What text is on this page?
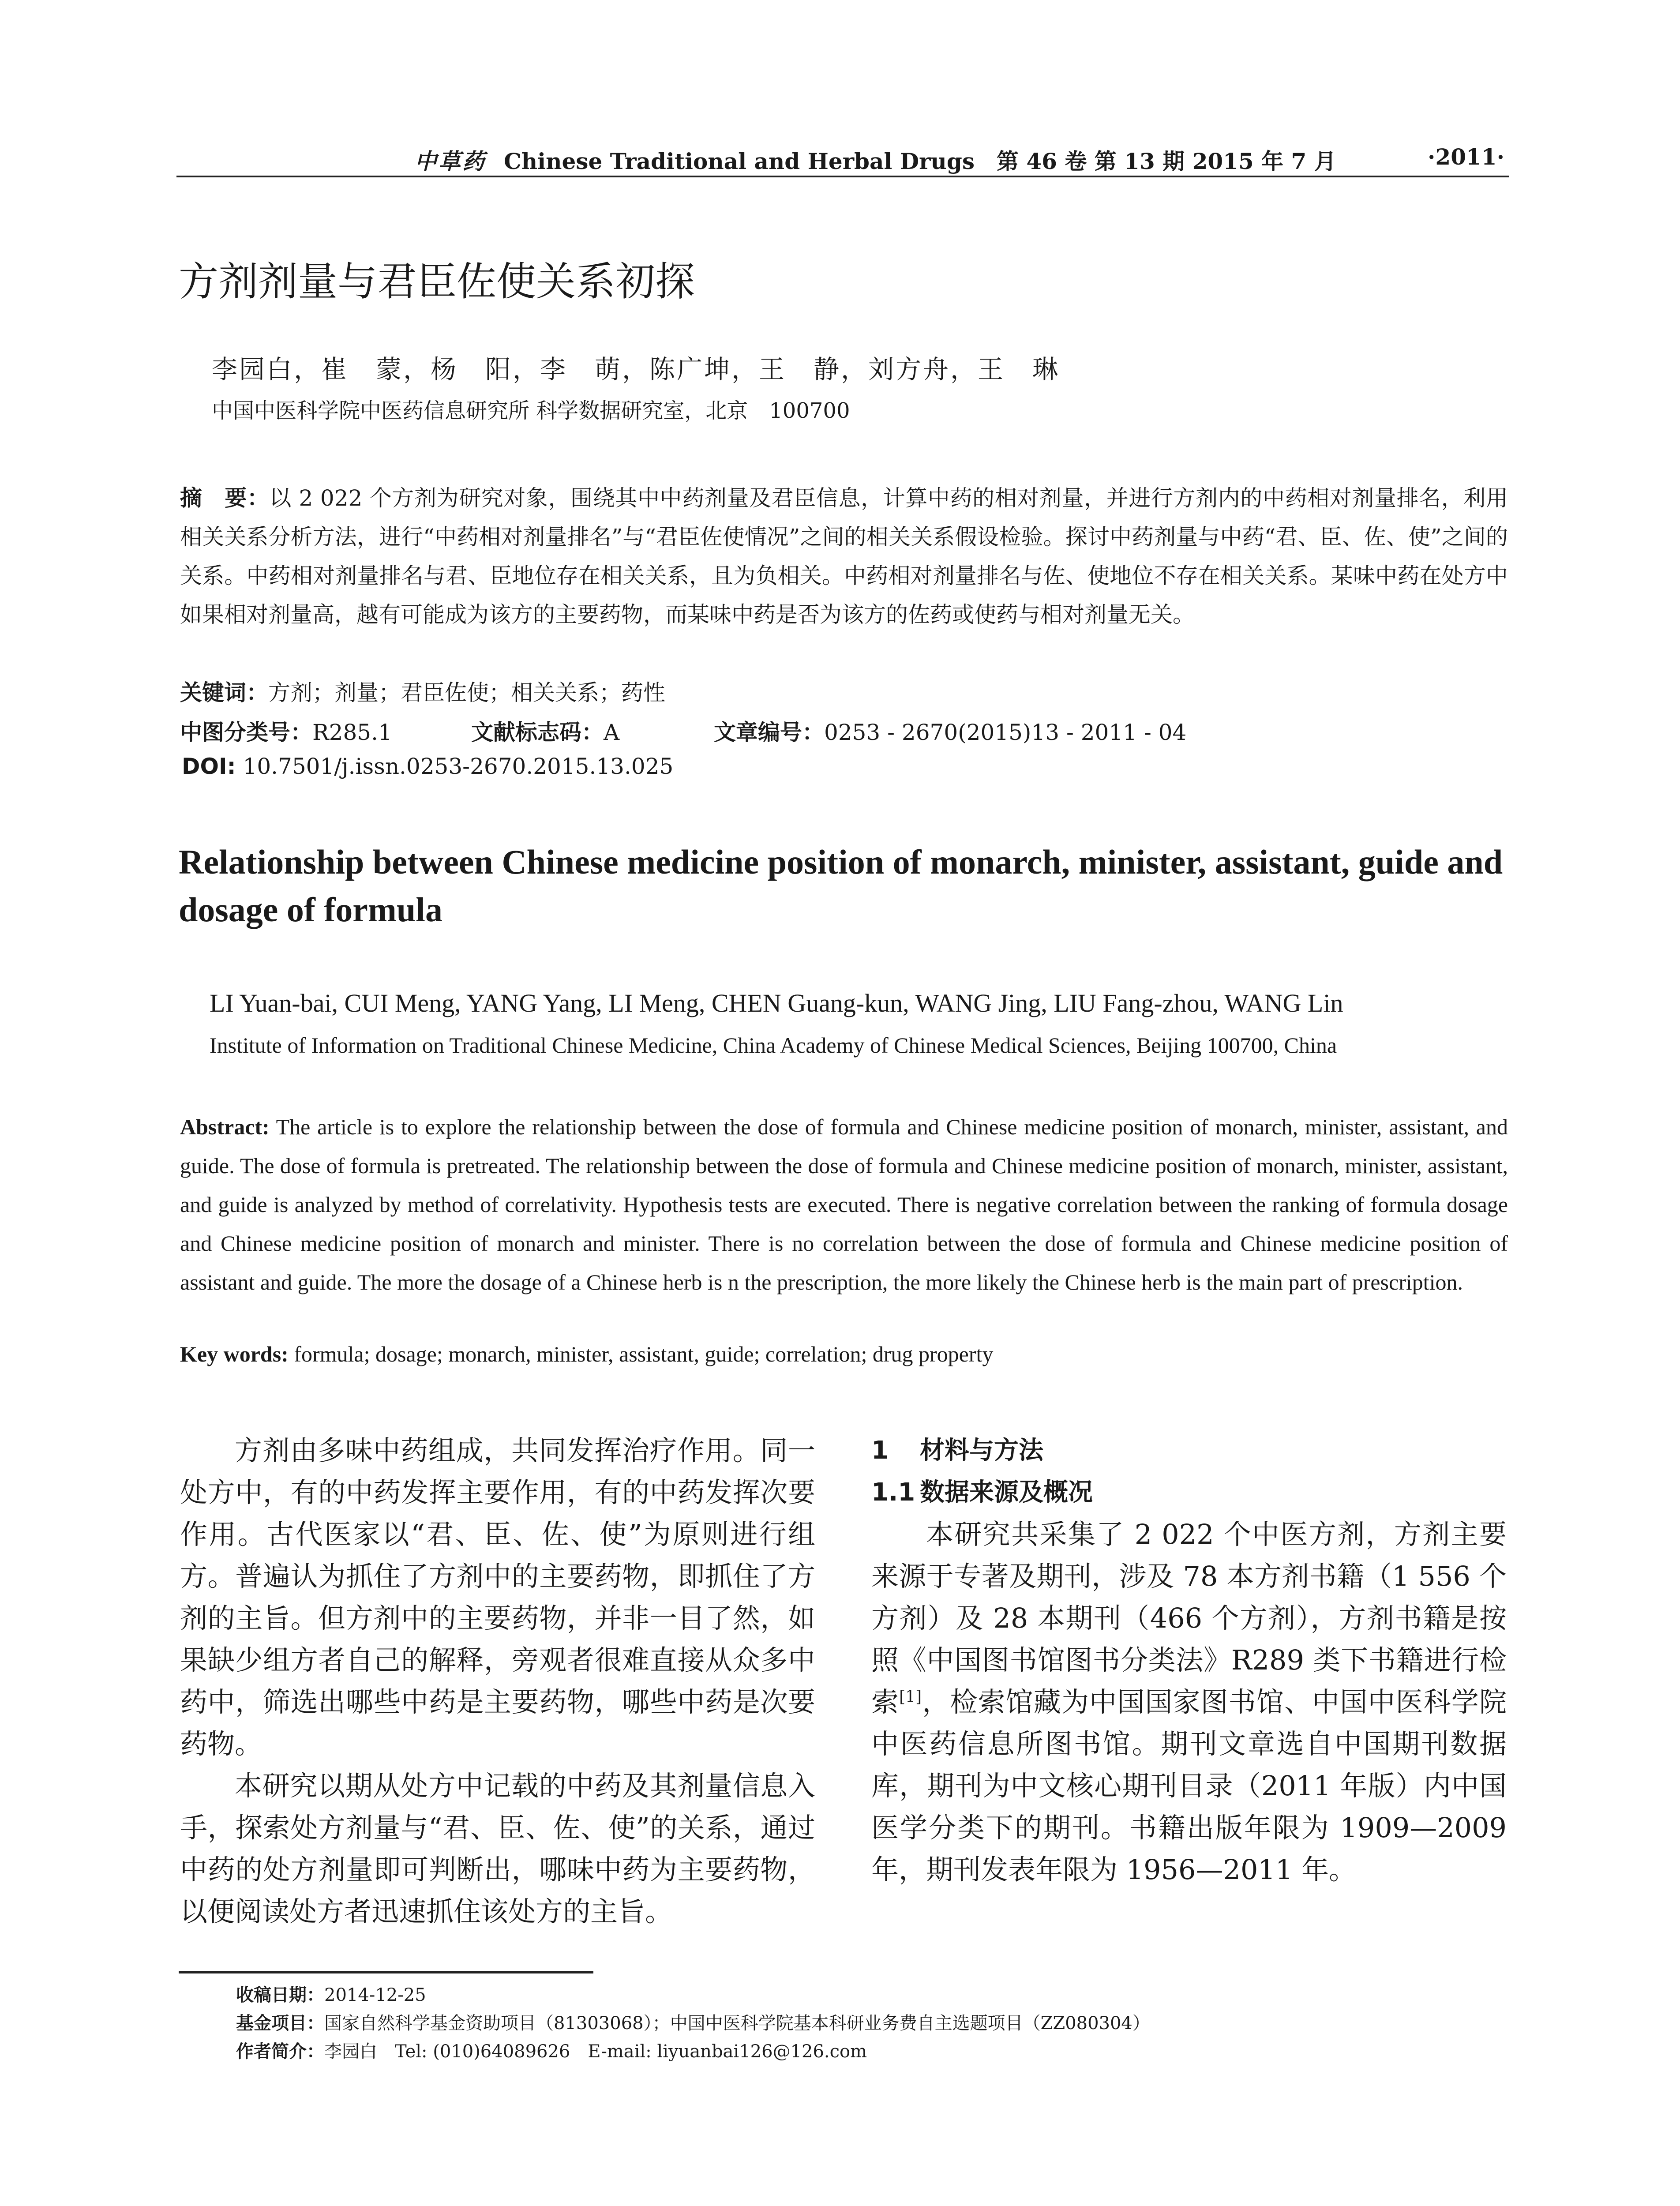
中草药 Chinese Traditional and Herbal Drugs　第 46 卷 第 13 期 2015 年 7 月	·2011·
方剂剂量与君臣佐使关系初探
李园白，崔　蒙，杨　阳，李　萌，陈广坤，王　静，刘方舟，王　琳
中国中医科学院中医药信息研究所 科学数据研究室，北京　100700
摘　要：以 2 022 个方剂为研究对象，围绕其中中药剂量及君臣信息，计算中药的相对剂量，并进行方剂内的中药相对剂量排名，利用相关关系分析方法，进行“中药相对剂量排名”与“君臣佐使情况”之间的相关关系假设检验。探讨中药剂量与中药“君、臣、佐、使”之间的关系。中药相对剂量排名与君、臣地位存在相关关系，且为负相关。中药相对剂量排名与佐、使地位不存在相关关系。某味中药在处方中如果相对剂量高，越有可能成为该方的主要药物，而某味中药是否为该方的佐药或使药与相对剂量无关。
关键词：方剂；剂量；君臣佐使；相关关系；药性
中图分类号：R285.1	文献标志码：A	文章编号：0253 - 2670(2015)13 - 2011 - 04
DOI: 10.7501/j.issn.0253-2670.2015.13.025
Relationship between Chinese medicine position of monarch, minister, assistant, guide and dosage of formula
LI Yuan-bai, CUI Meng, YANG Yang, LI Meng, CHEN Guang-kun, WANG Jing, LIU Fang-zhou, WANG Lin
Institute of Information on Traditional Chinese Medicine, China Academy of Chinese Medical Sciences, Beijing 100700, China
Abstract: The article is to explore the relationship between the dose of formula and Chinese medicine position of monarch, minister, assistant, and guide. The dose of formula is pretreated. The relationship between the dose of formula and Chinese medicine position of monarch, minister, assistant, and guide is analyzed by method of correlativity. Hypothesis tests are executed. There is negative correlation between the ranking of formula dosage and Chinese medicine position of monarch and minister. There is no correlation between the dose of formula and Chinese medicine position of assistant and guide. The more the dosage of a Chinese herb is n the prescription, the more likely the Chinese herb is the main part of prescription.
Key words: formula; dosage; monarch, minister, assistant, guide; correlation; drug property

方剂由多味中药组成，共同发挥治疗作用。同一处方中，有的中药发挥主要作用，有的中药发挥次要作用。古代医家以“君、臣、佐、使”为原则进行组方。普遍认为抓住了方剂中的主要药物，即抓住了方剂的主旨。但方剂中的主要药物，并非一目了然，如果缺少组方者自己的解释，旁观者很难直接从众多中药中，筛选出哪些中药是主要药物，哪些中药是次要药物。

本研究以期从处方中记载的中药及其剂量信息入手，探索处方剂量与“君、臣、佐、使”的关系，通过中药的处方剂量即可判断出，哪味中药为主要药物，以便阅读处方者迅速抓住该处方的主旨。

1 材料与方法

1.1 数据来源及概况

本研究共采集了 2 022 个中医方剂，方剂主要来源于专著及期刊，涉及 78 本方剂书籍（1 556 个方剂）及 28 本期刊（466 个方剂），方剂书籍是按照《中国图书馆图书分类法》R289 类下书籍进行检索[1]，检索馆藏为中国国家图书馆、中国中医科学院中医药信息所图书馆。期刊文章选自中国期刊数据库，期刊为中文核心期刊目录（2011 年版）内中国医学分类下的期刊。书籍出版年限为 1909—2009 年，期刊发表年限为 1956—2011 年。

收稿日期：2014-12-25
基金项目：国家自然科学基金资助项目（81303068）；中国中医科学院基本科研业务费自主选题项目（ZZ080304）
作者简介：李园白　Tel: (010)64089626　E-mail: liyuanbai126@126.com
